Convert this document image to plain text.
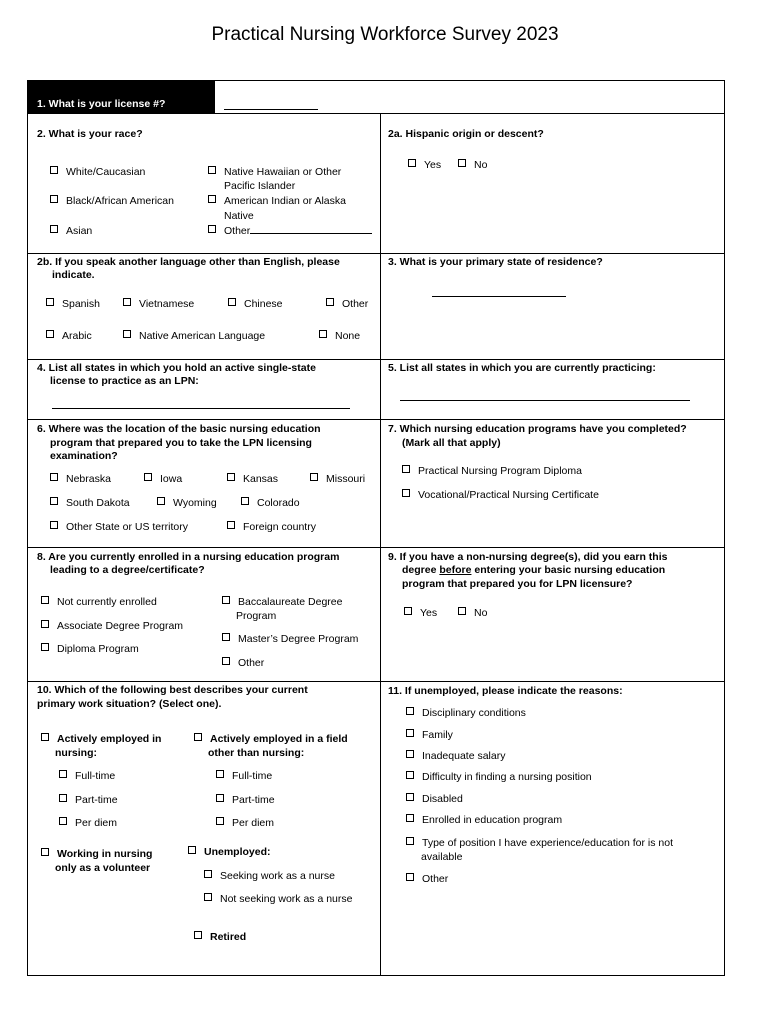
Practical Nursing Workforce Survey 2023
1. What is your license #?
2. What is your race?
White/Caucasian
Black/African American
Asian
Native Hawaiian or Other
Pacific Islander
American Indian or Alaska
Native
Other
2a. Hispanic origin or descent?
Yes	No
2b. If you speak another language other than English, please
indicate.
Spanish	Vietnamese	Chinese	Other
Arabic	Native American Language	None
3. What is your primary state of residence?
4. List all states in which you hold an active single-state
license to practice as an LPN:
5. List all states in which you are currently practicing:
6. Where was the location of the basic nursing education
program that prepared you to take the LPN licensing
examination?
Nebraska	Iowa	Kansas	Missouri
South Dakota	Wyoming	Colorado
Other State or US territory	Foreign country
7. Which nursing education programs have you completed?
(Mark all that apply)
Practical Nursing Program Diploma
Vocational/Practical Nursing Certificate
8. Are you currently enrolled in a nursing education program
leading to a degree/certificate?
Not currently enrolled
Associate Degree Program
Diploma Program
Baccalaureate Degree
Program
Master’s Degree Program
Other
9. If you have a non-nursing degree(s), did you earn this
degree before entering your basic nursing education
program that prepared you for LPN licensure?
Yes	No
10. Which of the following best describes your current
primary work situation? (Select one).
Actively employed in
nursing:
Full-time
Part-time
Per diem
Actively employed in a field
other than nursing:
Full-time
Part-time
Per diem
Working in nursing
only as a volunteer
Unemployed:
Seeking work as a nurse
Not seeking work as a nurse
Retired
11. If unemployed, please indicate the reasons:
Disciplinary conditions
Family
Inadequate salary
Difficulty in finding a nursing position
Disabled
Enrolled in education program
Type of position I have experience/education for is not
available
Other
